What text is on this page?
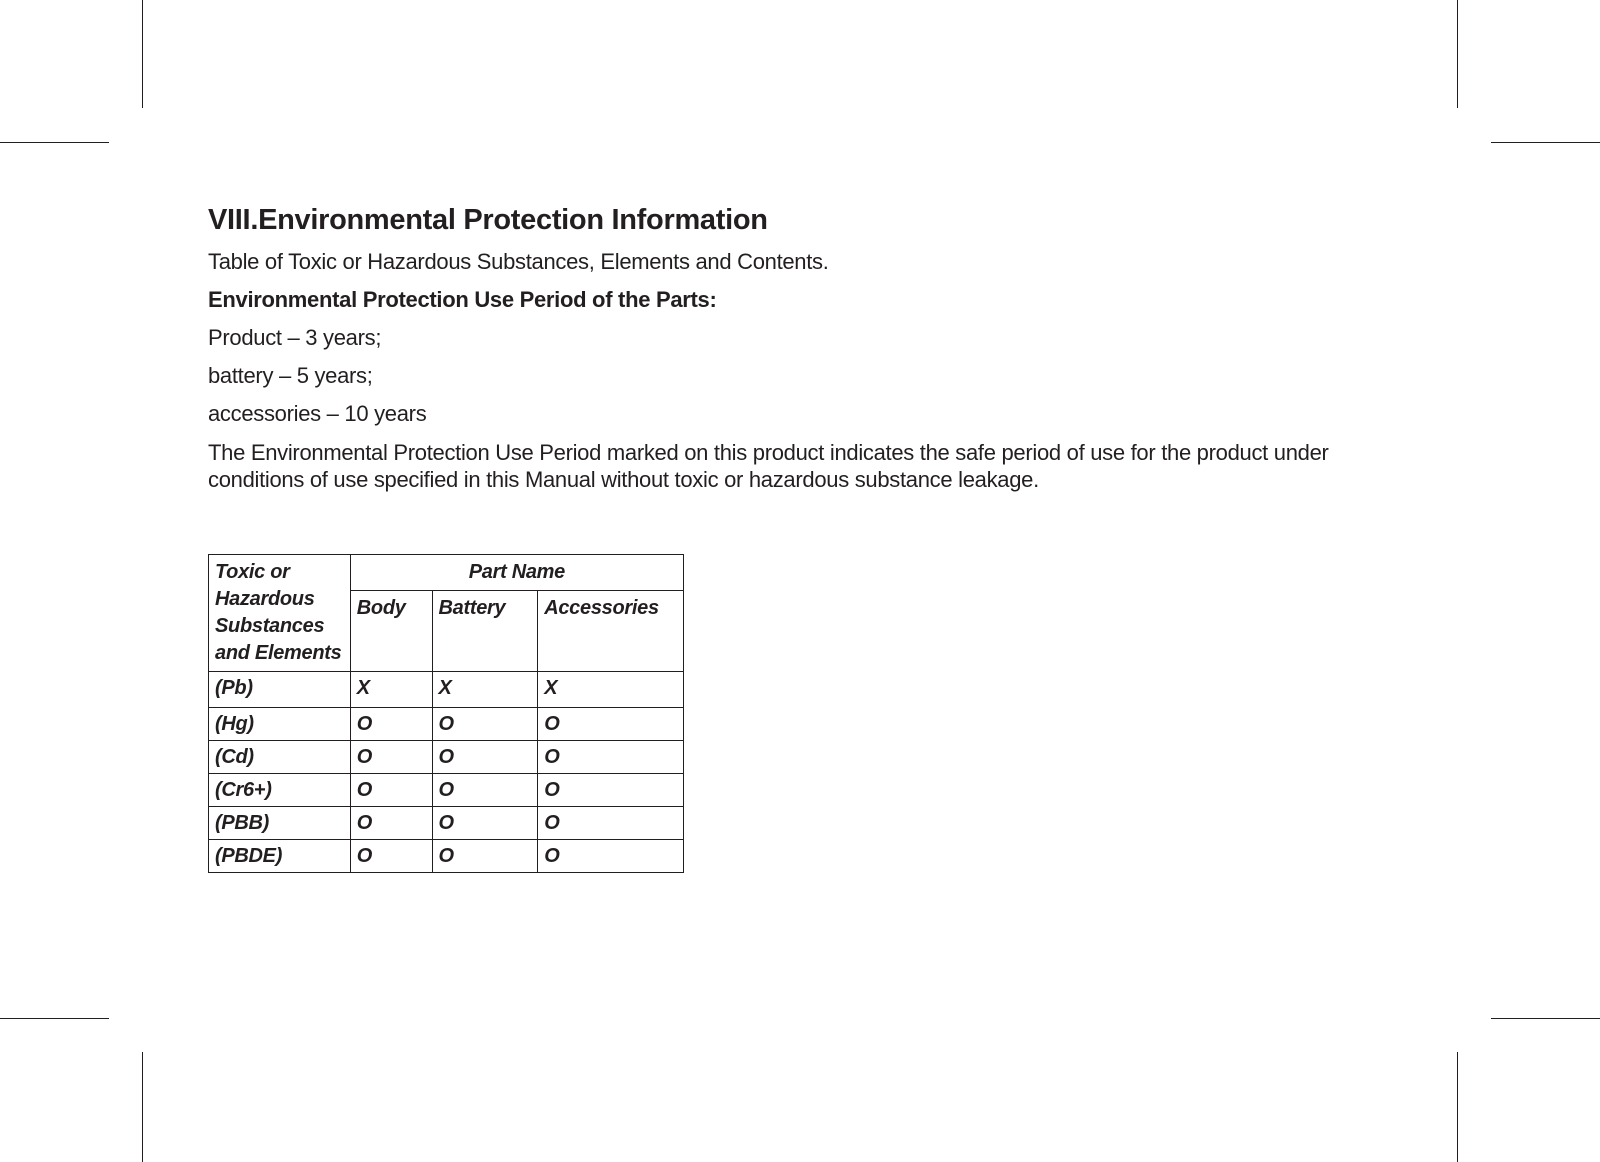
VIII.Environmental Protection Information

Table of Toxic or Hazardous Substances, Elements and Contents.

Environmental Protection Use Period of the Parts:

Product – 3 years;

battery – 5 years;

accessories – 10 years

The Environmental Protection Use Period marked on this product indicates the safe period of use for the product under conditions of use specified in this Manual without toxic or hazardous substance leakage.

Toxic or Hazardous Substances and Elements	Part Name		
	Body	Battery	Accessories
(Pb)	X	X	X
(Hg)	O	O	O
(Cd)	O	O	O
(Cr6+)	O	O	O
(PBB)	O	O	O
(PBDE)	O	O	O
